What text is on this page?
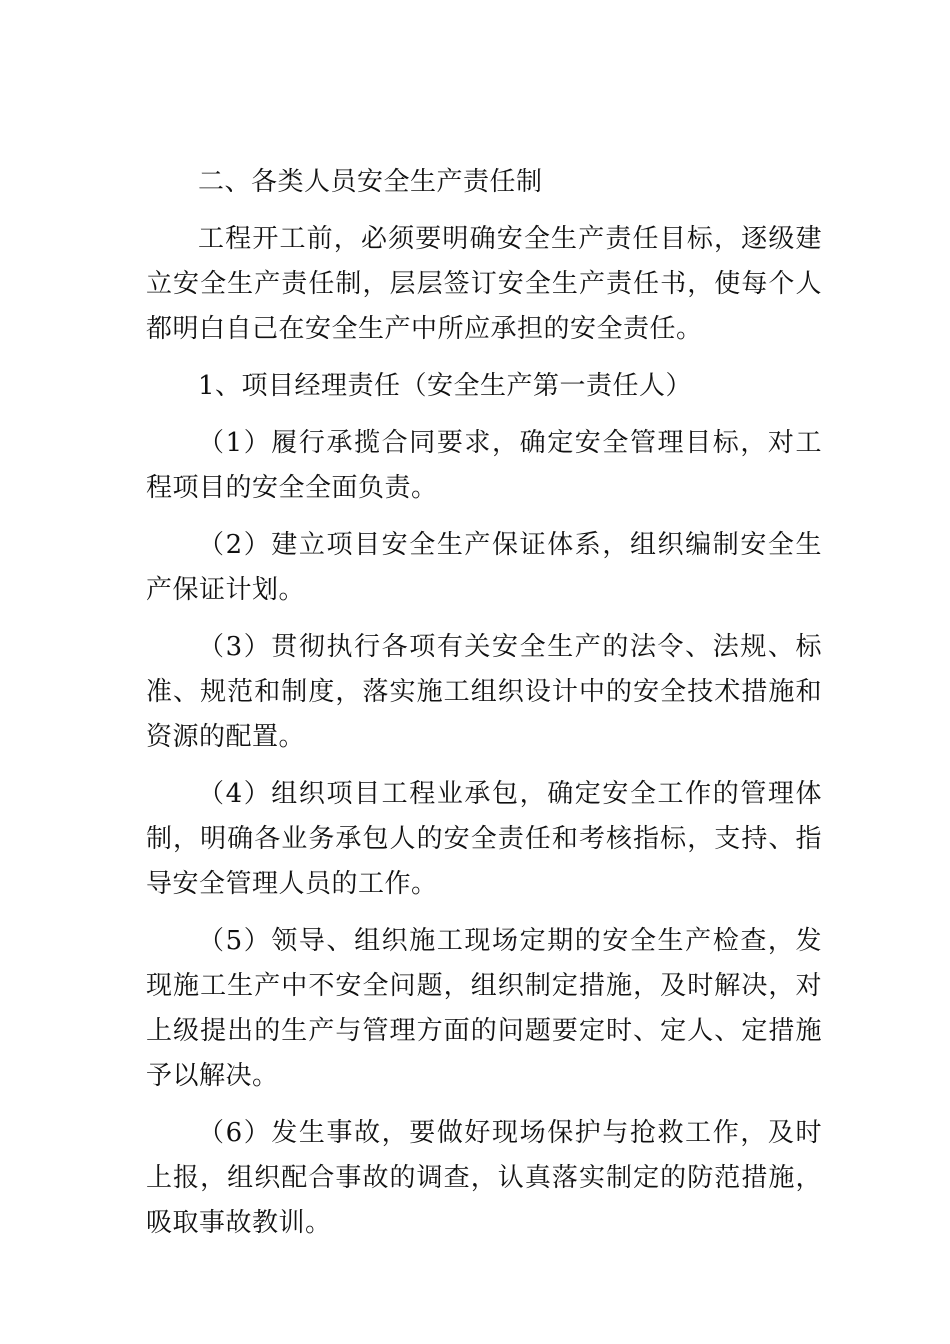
二、各类人员安全生产责任制

工程开工前，必须要明确安全生产责任目标，逐级建立安全生产责任制，层层签订安全生产责任书，使每个人都明白自己在安全生产中所应承担的安全责任。

1、项目经理责任（安全生产第一责任人）

（1）履行承揽合同要求，确定安全管理目标，对工程项目的安全全面负责。

（2）建立项目安全生产保证体系，组织编制安全生产保证计划。

（3）贯彻执行各项有关安全生产的法令、法规、标准、规范和制度，落实施工组织设计中的安全技术措施和资源的配置。

（4）组织项目工程业承包，确定安全工作的管理体制，明确各业务承包人的安全责任和考核指标，支持、指导安全管理人员的工作。

（5）领导、组织施工现场定期的安全生产检查，发现施工生产中不安全问题，组织制定措施，及时解决，对上级提出的生产与管理方面的问题要定时、定人、定措施予以解决。

（6）发生事故，要做好现场保护与抢救工作，及时上报，组织配合事故的调查，认真落实制定的防范措施，吸取事故教训。
